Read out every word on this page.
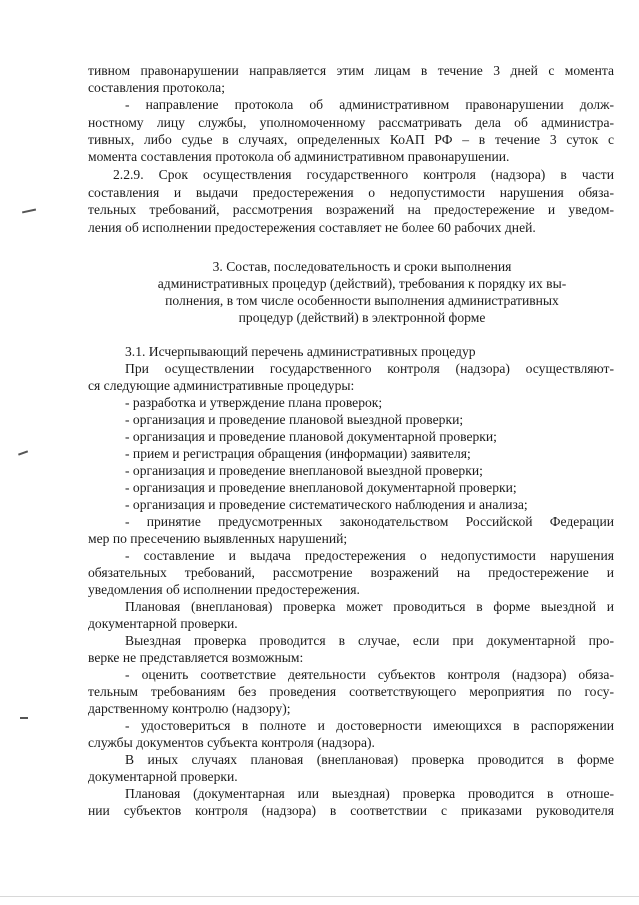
тивном правонарушении направляется этим лицам в течение 3 дней с момента
составления протокола;
- направление протокола об административном правонарушении долж-
ностному лицу службы, уполномоченному рассматривать дела об администра-
тивных, либо судье в случаях, определенных КоАП РФ – в течение 3 суток с
момента составления протокола об административном правонарушении.
2.2.9. Срок осуществления государственного контроля (надзора) в части
составления и выдачи предостережения о недопустимости нарушения обяза-
тельных требований, рассмотрения возражений на предостережение и уведом-
ления об исполнении предостережения составляет не более 60 рабочих дней.
3. Состав, последовательность и сроки выполнения
административных процедур (действий), требования к порядку их вы-
полнения, в том числе особенности выполнения административных
процедур (действий) в электронной форме
3.1. Исчерпывающий перечень административных процедур
При осуществлении государственного контроля (надзора) осуществляют-
ся следующие административные процедуры:
- разработка и утверждение плана проверок;
- организация и проведение плановой выездной проверки;
- организация и проведение плановой документарной проверки;
- прием и регистрация обращения (информации) заявителя;
- организация и проведение внеплановой выездной проверки;
- организация и проведение внеплановой документарной проверки;
- организация и проведение систематического наблюдения и анализа;
- принятие предусмотренных законодательством Российской Федерации
мер по пресечению выявленных нарушений;
- составление и выдача предостережения о недопустимости нарушения
обязательных требований, рассмотрение возражений на предостережение и
уведомления об исполнении предостережения.
Плановая (внеплановая) проверка может проводиться в форме выездной и
документарной проверки.
Выездная проверка проводится в случае, если при документарной про-
верке не представляется возможным:
- оценить соответствие деятельности субъектов контроля (надзора) обяза-
тельным требованиям без проведения соответствующего мероприятия по госу-
дарственному контролю (надзору);
- удостовериться в полноте и достоверности имеющихся в распоряжении
службы документов субъекта контроля (надзора).
В иных случаях плановая (внеплановая) проверка проводится в форме
документарной проверки.
Плановая (документарная или выездная) проверка проводится в отноше-
нии субъектов контроля (надзора) в соответствии с приказами руководителя
